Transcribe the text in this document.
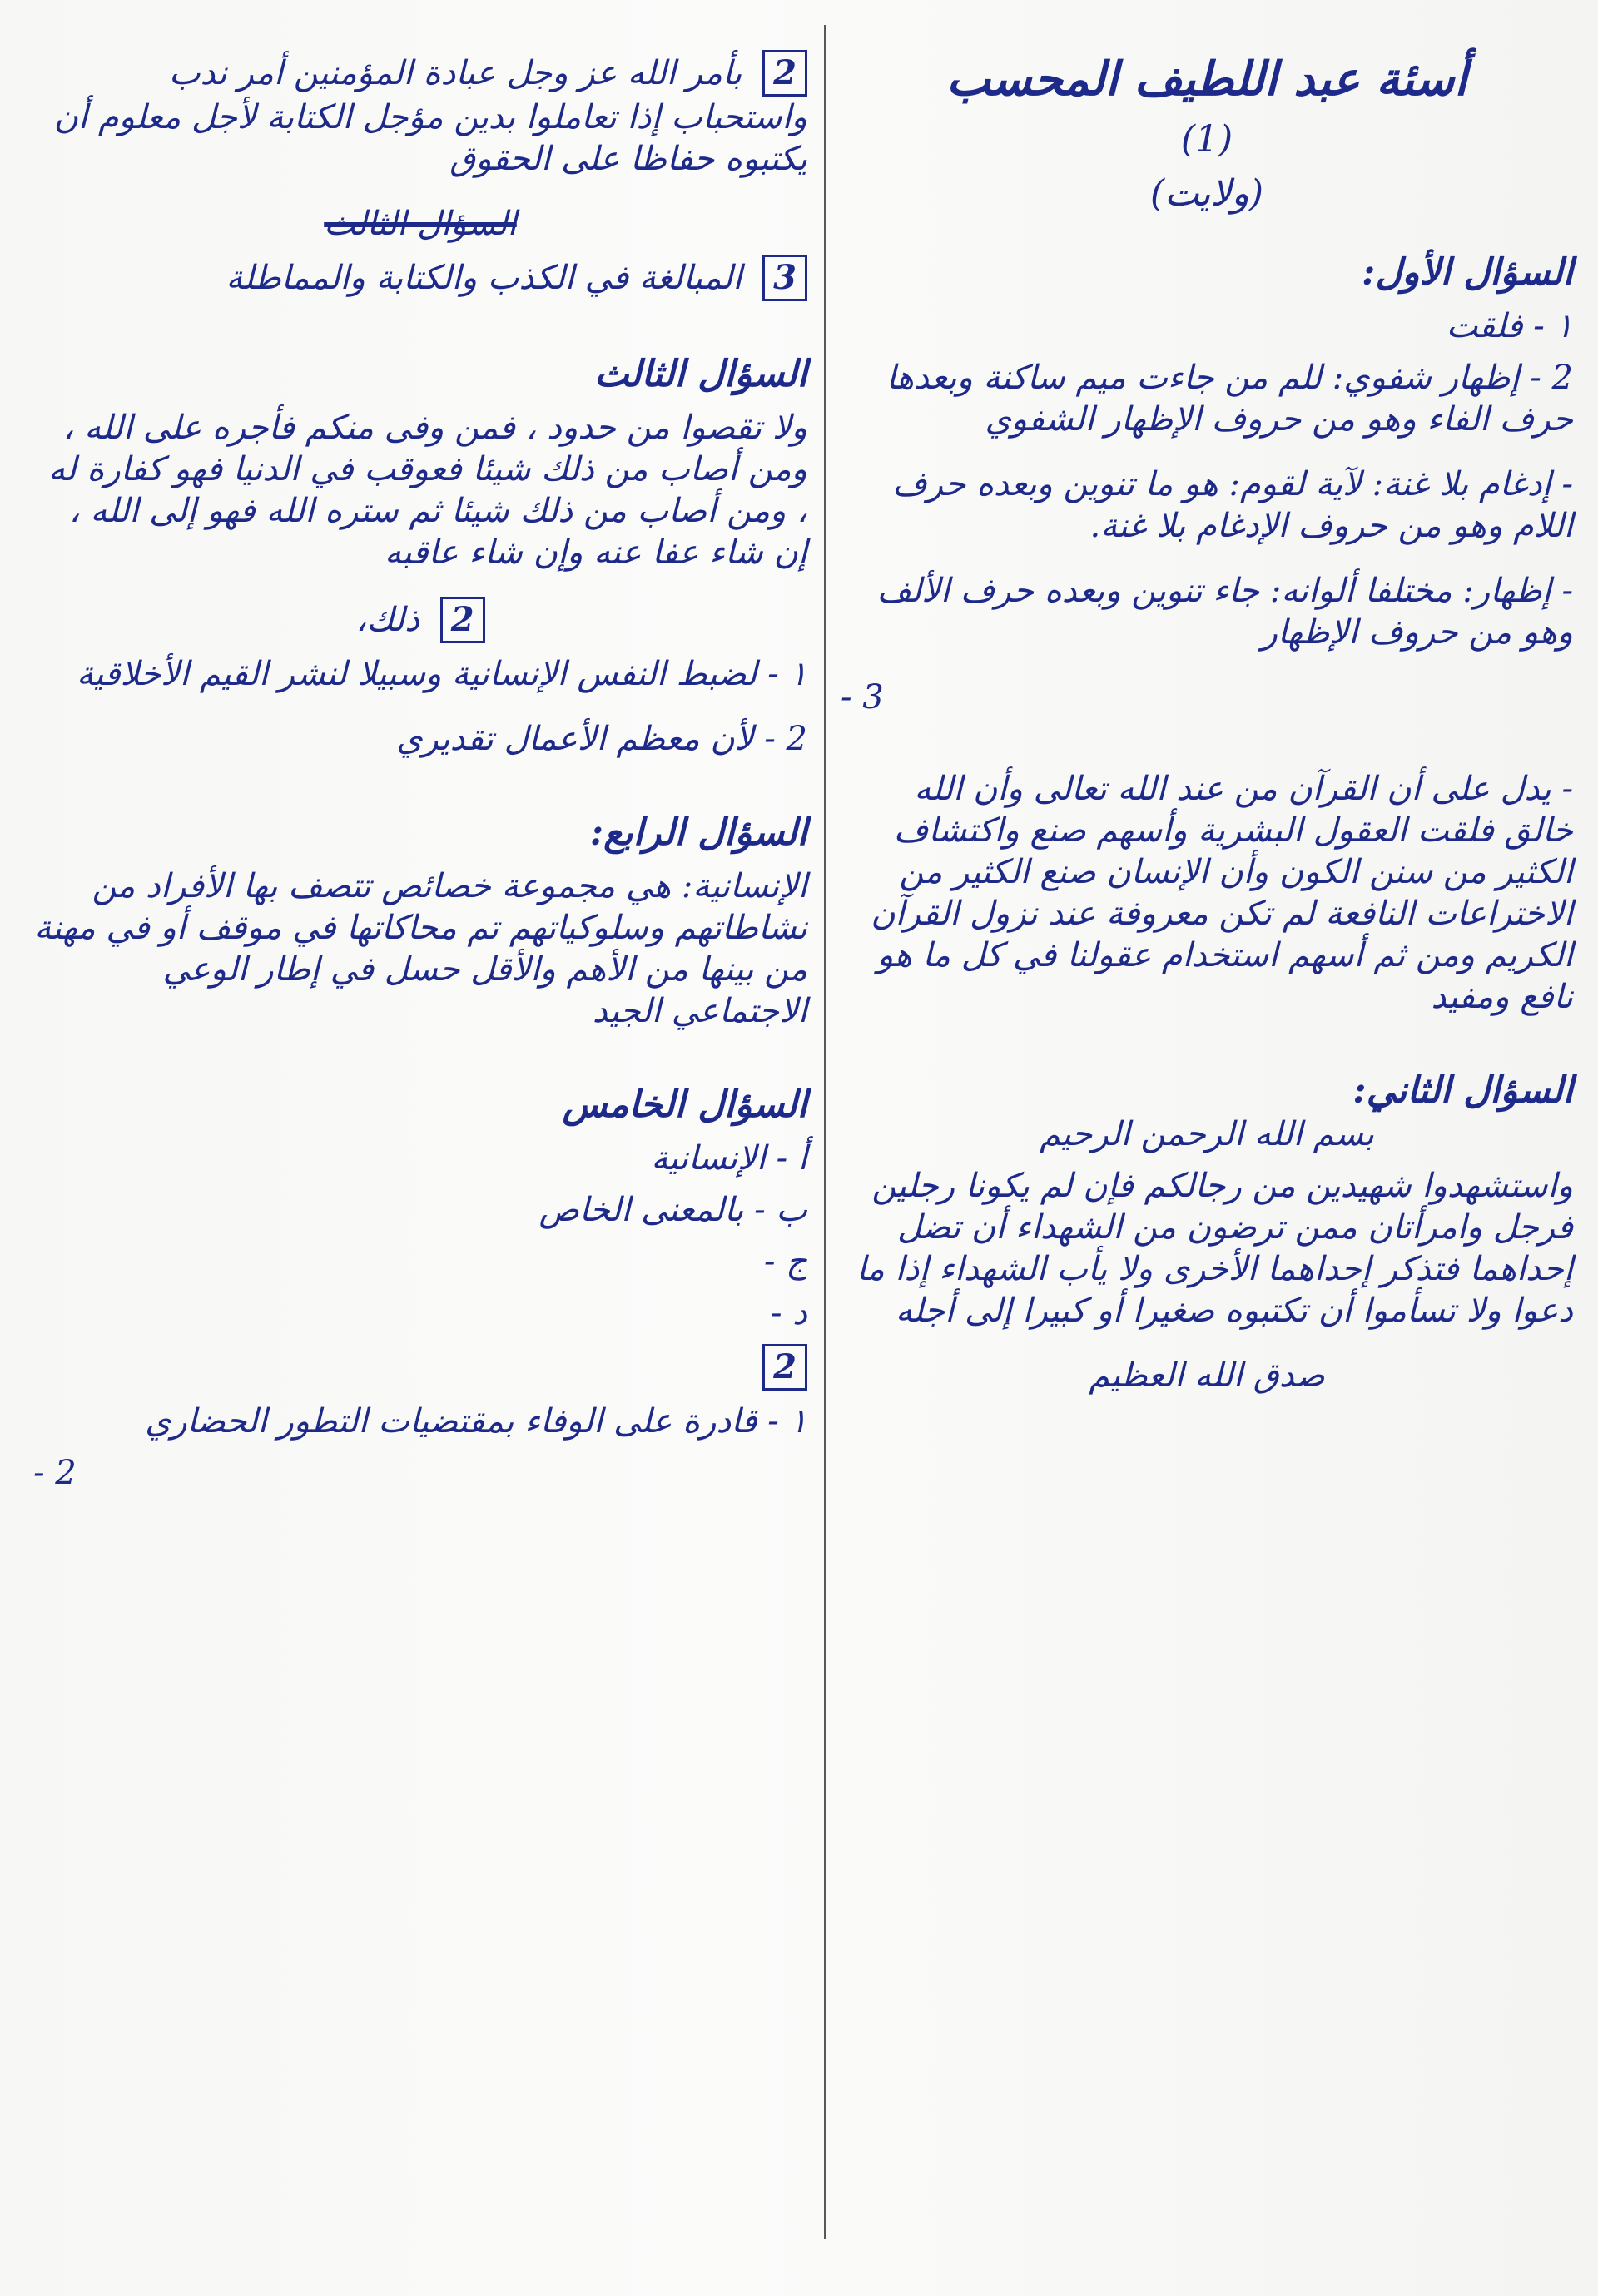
أسئة عبد اللطيف المحسب

(1)

(ولايت)

السؤال الأول:

١ - فلقت

2 - إظهار شفوي: للم من جاءت ميم ساكنة وبعدها حرف الفاء وهو من حروف الإظهار الشفوي

- إدغام بلا غنة: لآية لقوم: هو ما تنوين وبعده حرف اللام وهو من حروف الإدغام بلا غنة.

- إظهار: مختلفا ألوانه: جاء تنوين وبعده حرف الألف وهو من حروف الإظهار

- 3

- يدل على أن القرآن من عند الله تعالى وأن الله خالق فلقت العقول البشرية وأسهم صنع واكتشاف الكثير من سنن الكون وأن الإنسان صنع الكثير من الاختراعات النافعة لم تكن معروفة عند نزول القرآن الكريم ومن ثم أسهم استخدام عقولنا في كل ما هو نافع ومفيد

السؤال الثاني:

بسم الله الرحمن الرحيم

واستشهدوا شهيدين من رجالكم فإن لم يكونا رجلين فرجل وامرأتان ممن ترضون من الشهداء أن تضل إحداهما فتذكر إحداهما الأخرى ولا يأب الشهداء إذا ما دعوا ولا تسأموا أن تكتبوه صغيرا أو كبيرا إلى أجله

صدق الله العظيم

2 بأمر الله عز وجل عبادة المؤمنين أمر ندب واستحباب إذا تعاملوا بدين مؤجل الكتابة لأجل معلوم أن يكتبوه حفاظا على الحقوق

السؤال الثالث

3 المبالغة في الكذب والكتابة والمماطلة

السؤال الثالث

ولا تقصوا من حدود ، فمن وفى منكم فأجره على الله ، ومن أصاب من ذلك شيئا فعوقب في الدنيا فهو كفارة له ، ومن أصاب من ذلك شيئا ثم ستره الله فهو إلى الله ، إن شاء عفا عنه وإن شاء عاقبه

2 ذلك،

١ - لضبط النفس الإنسانية وسبيلا لنشر القيم الأخلاقية

2 - لأن معظم الأعمال تقديري

السؤال الرابع:

الإنسانية: هي مجموعة خصائص تتصف بها الأفراد من نشاطاتهم وسلوكياتهم تم محاكاتها في موقف أو في مهنة من بينها من الأهم والأقل حسل في إطار الوعي الاجتماعي الجيد

السؤال الخامس

أ - الإنسانية

ب - بالمعنى الخاص

ج -

د -

2

١ - قادرة على الوفاء بمقتضيات التطور الحضاري

- 2
